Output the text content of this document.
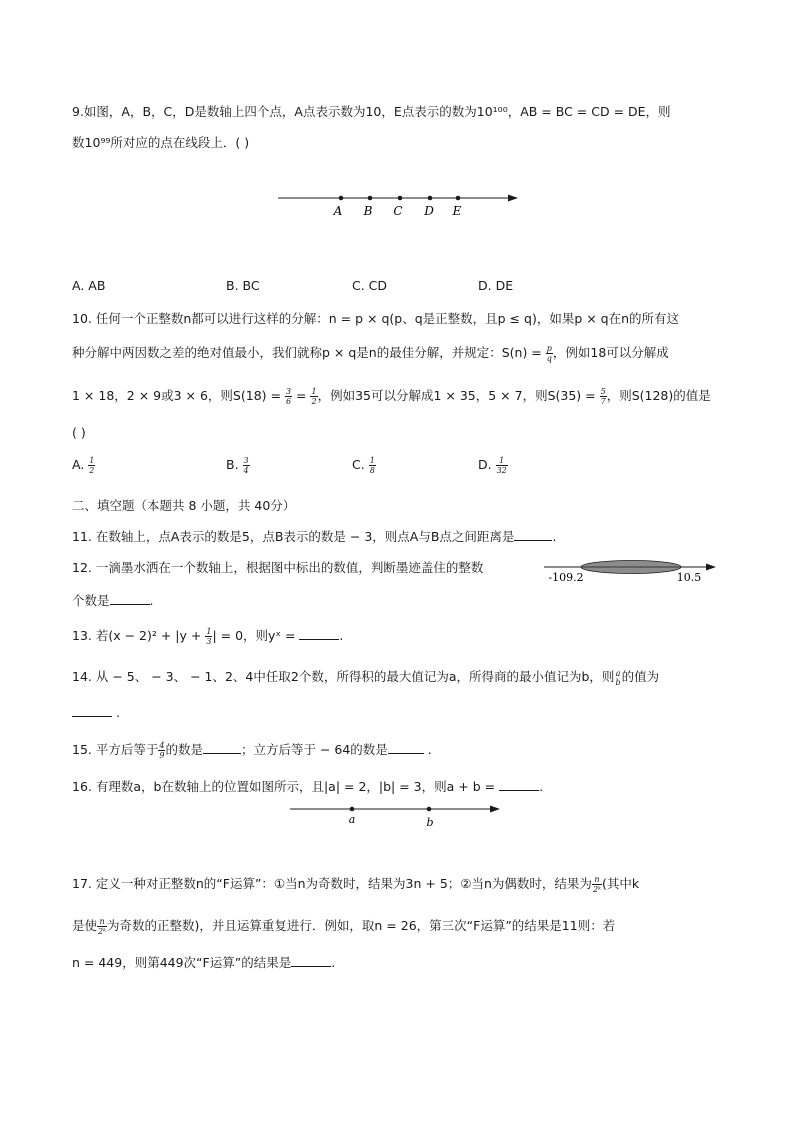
9.如图，A，B，C，D是数轴上四个点，A点表示数为10，E点表示的数为10¹⁰⁰，AB = BC = CD = DE，则
数10⁹⁹所对应的点在线段上．( )
A B C D E
A. AB	B. BC	C. CD	D. DE
10. 任何一个正整数n都可以进行这样的分解：n = p × q(p、q是正整数，且p ≤ q)，如果p × q在n的所有这
种分解中两因数之差的绝对值最小，我们就称p × q是n的最佳分解，并规定：$S(n) = \frac{p}{q}$ ，例如18可以分解成
1 × 18，2 × 9或3 × 6，则$S(18) = \frac{3}{6} = \frac{1}{2}$ ，例如35可以分解成1 × 35，5 × 7，则$S(35) = \frac{5}{7}$ ，则S(128)的值是
( )
A. $\frac{1}{2}$	B. $\frac{3}{4}$	C. $\frac{1}{8}$	D. $\frac{1}{32}$
二、填空题（本题共 8 小题，共 40分）
11. 在数轴上，点A表示的数是5，点B表示的数是 − 3，则点A与B点之间距离是	.
12. 一滴墨水洒在一个数轴上，根据图中标出的数值，判断墨迹盖住的整数
个数是	.
-109.2	10.5
13. 若$(x - 2)^2 + |y + \frac{1}{3}$ | = 0，则yˣ =	.
14. 从 − 5、 − 3、 − 1、2、4中任取2个数，所得积的最大值记为a，所得商的最小值记为b，则 a
b 的值为
.
15. 平方后等于 $\frac{4}{9}$ 的数是	；立方后等于 − 64的数是	.
16. 有理数a，b在数轴上的位置如图所示，且|a| = 2，|b| = 3，则a + b =	.
a	b
17. 定义一种对正整数n的“F运算”：①当n为奇数时，结果为3n + 5；②当n为偶数时，结果为 $\frac{n}{\text{2ᵏ}}$ (其中k
是使 $\frac{n}{\text{2ᵏ}}$ 为奇数的正整数)，并且运算重复进行．例如，取n = 26，第三次“F运算”的结果是11则：若
n = 449，则第449次“F运算”的结果是	.
